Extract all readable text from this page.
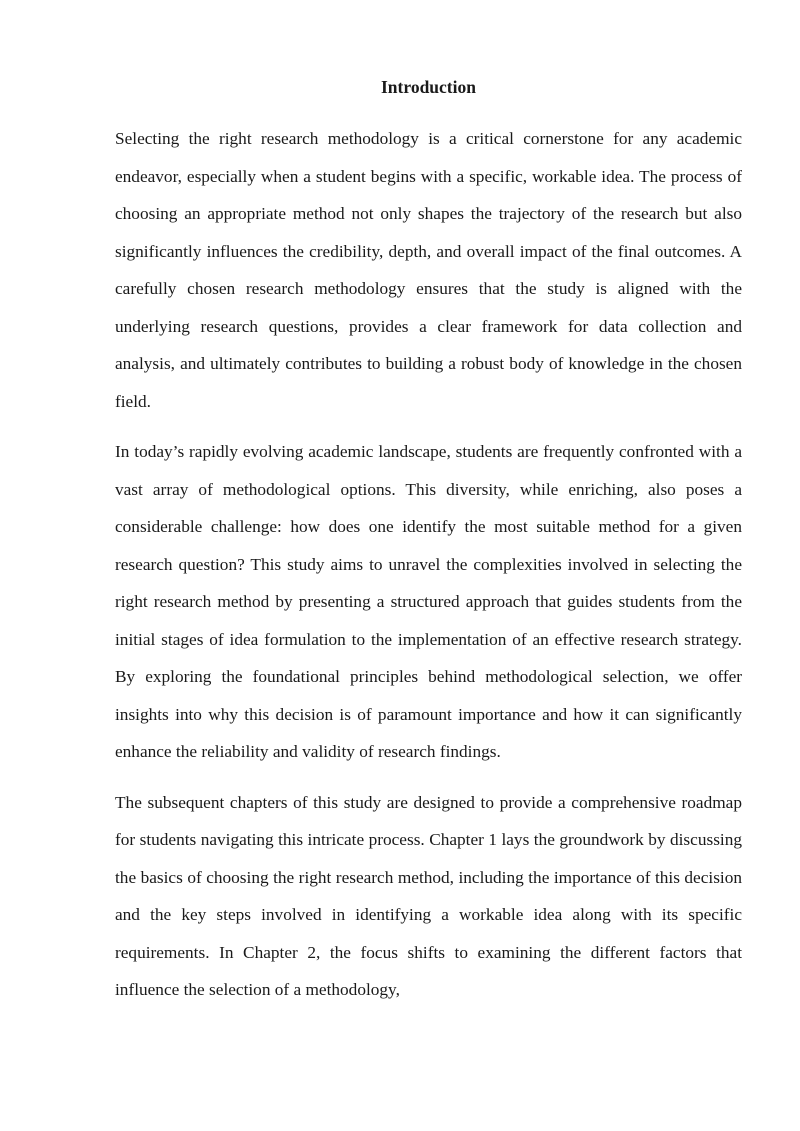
Introduction

Selecting the right research methodology is a critical cornerstone for any academic endeavor, especially when a student begins with a specific, workable idea. The process of choosing an appropriate method not only shapes the trajectory of the research but also significantly influences the credibility, depth, and overall impact of the final outcomes. A carefully chosen research methodology ensures that the study is aligned with the underlying research questions, provides a clear framework for data collection and analysis, and ultimately contributes to building a robust body of knowledge in the chosen field.

In today’s rapidly evolving academic landscape, students are frequently confronted with a vast array of methodological options. This diversity, while enriching, also poses a considerable challenge: how does one identify the most suitable method for a given research question? This study aims to unravel the complexities involved in selecting the right research method by presenting a structured approach that guides students from the initial stages of idea formulation to the implementation of an effective research strategy. By exploring the foundational principles behind methodological selection, we offer insights into why this decision is of paramount importance and how it can significantly enhance the reliability and validity of research findings.

The subsequent chapters of this study are designed to provide a comprehensive roadmap for students navigating this intricate process. Chapter 1 lays the groundwork by discussing the basics of choosing the right research method, including the importance of this decision and the key steps involved in identifying a workable idea along with its specific requirements. In Chapter 2, the focus shifts to examining the different factors that influence the selection of a methodology,
